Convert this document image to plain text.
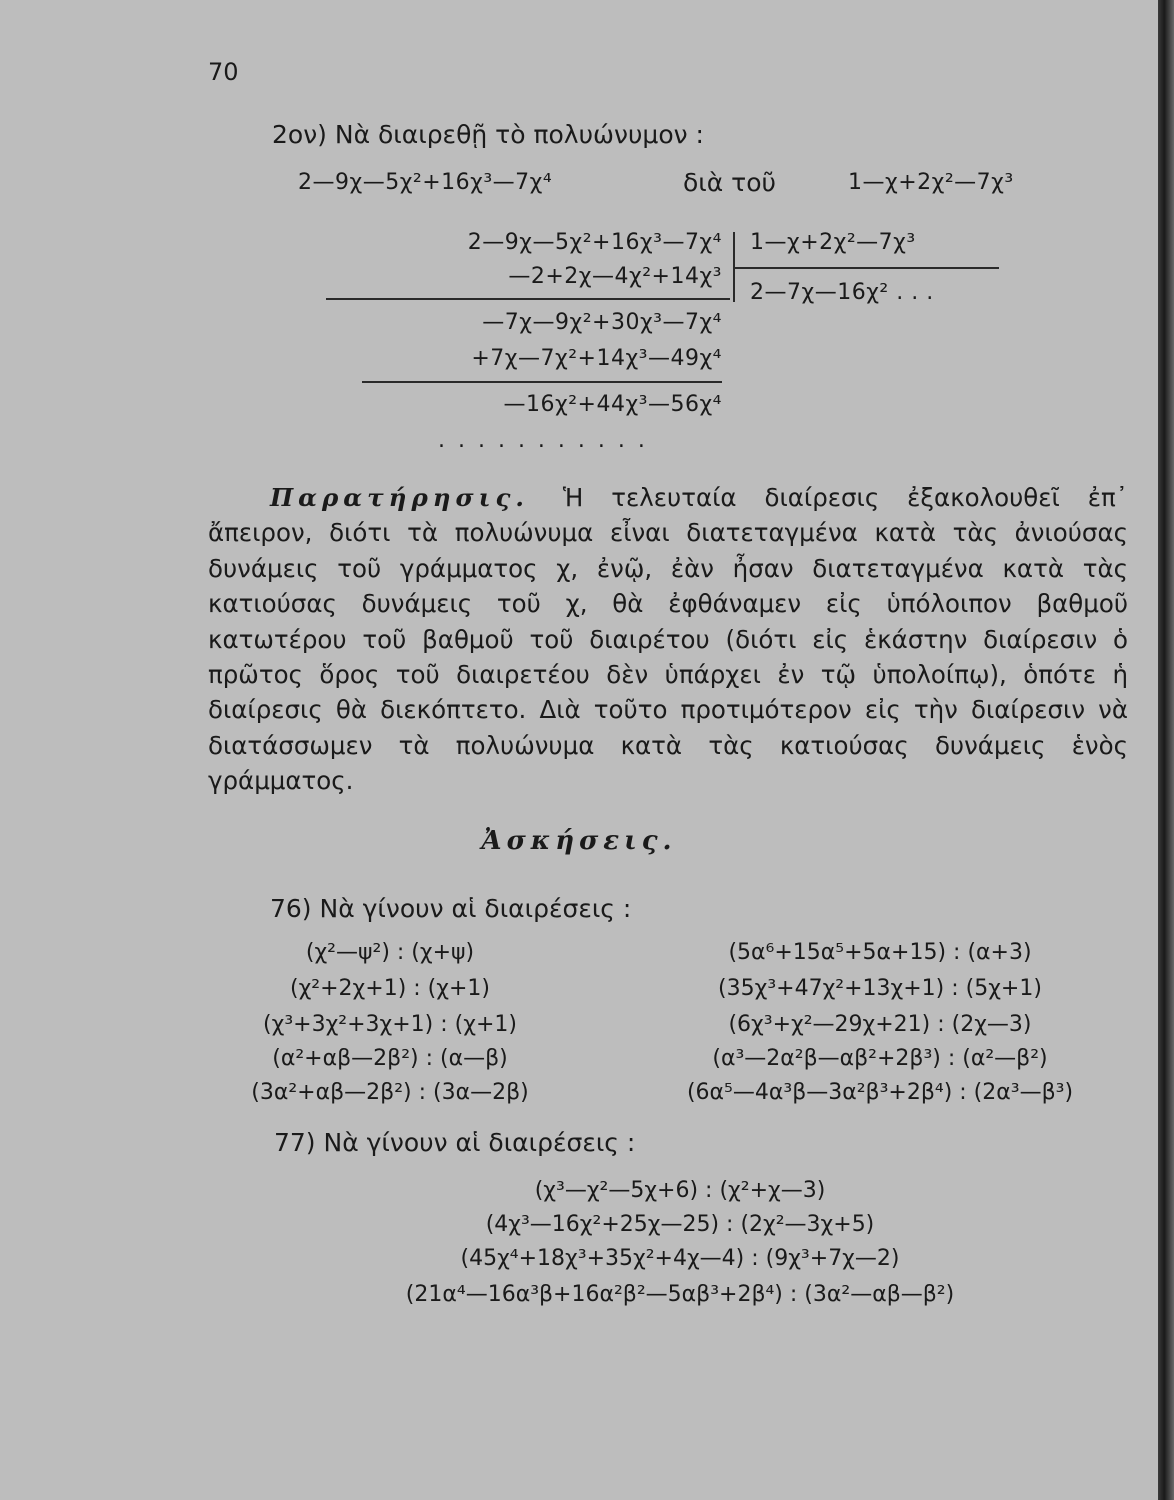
70
2ον) Νὰ διαιρεθῇ τὸ πολυώνυμον :
2—9χ—5χ²+16χ³—7χ⁴	διὰ τοῦ	1—χ+2χ²—7χ³
2—9χ—5χ²+16χ³—7χ⁴
—2+2χ—4χ²+14χ³
—7χ—9χ²+30χ³—7χ⁴
+7χ—7χ²+14χ³—49χ⁴
—16χ²+44χ³—56χ⁴
. . . . . . . . . . .
1—χ+2χ²—7χ³
2—7χ—16χ² . . .
Παρατήρησις. Ἡ τελευταία διαίρεσις ἐξακολουθεῖ ἐπ᾿ ἄπειρον, διότι τὰ πολυώνυμα εἶναι διατεταγμένα κατὰ τὰς ἀνιούσας δυνάμεις τοῦ γράμματος χ, ἐνῷ, ἐὰν ἦσαν διατεταγμένα κατὰ τὰς κατιούσας δυνάμεις τοῦ χ, θὰ ἐφθάναμεν εἰς ὑπόλοιπον βαθμοῦ κατωτέρου τοῦ βαθμοῦ τοῦ διαιρέτου (διότι εἰς ἑκάστην διαίρεσιν ὁ πρῶτος ὅρος τοῦ διαιρετέου δὲν ὑπάρχει ἐν τῷ ὑπολοίπῳ), ὁπότε ἡ διαίρεσις θὰ διεκόπτετο. Διὰ τοῦτο προτιμότερον εἰς τὴν διαίρεσιν νὰ διατάσσωμεν τὰ πολυώνυμα κατὰ τὰς κατιούσας δυνάμεις ἑνὸς γράμματος.
Ἀσκήσεις.
76) Νὰ γίνουν αἱ διαιρέσεις :
(χ²—ψ²) : (χ+ψ)
(χ²+2χ+1) : (χ+1)
(χ³+3χ²+3χ+1) : (χ+1)
(α²+αβ—2β²) : (α—β)
(3α²+αβ—2β²) : (3α—2β)
(5α⁶+15α⁵+5α+15) : (α+3)
(35χ³+47χ²+13χ+1) : (5χ+1)
(6χ³+χ²—29χ+21) : (2χ—3)
(α³—2α²β—αβ²+2β³) : (α²—β²)
(6α⁵—4α³β—3α²β³+2β⁴) : (2α³—β³)
77) Νὰ γίνουν αἱ διαιρέσεις :
(χ³—χ²—5χ+6) : (χ²+χ—3)
(4χ³—16χ²+25χ—25) : (2χ²—3χ+5)
(45χ⁴+18χ³+35χ²+4χ—4) : (9χ³+7χ—2)
(21α⁴—16α³β+16α²β²—5αβ³+2β⁴) : (3α²—αβ—β²)
